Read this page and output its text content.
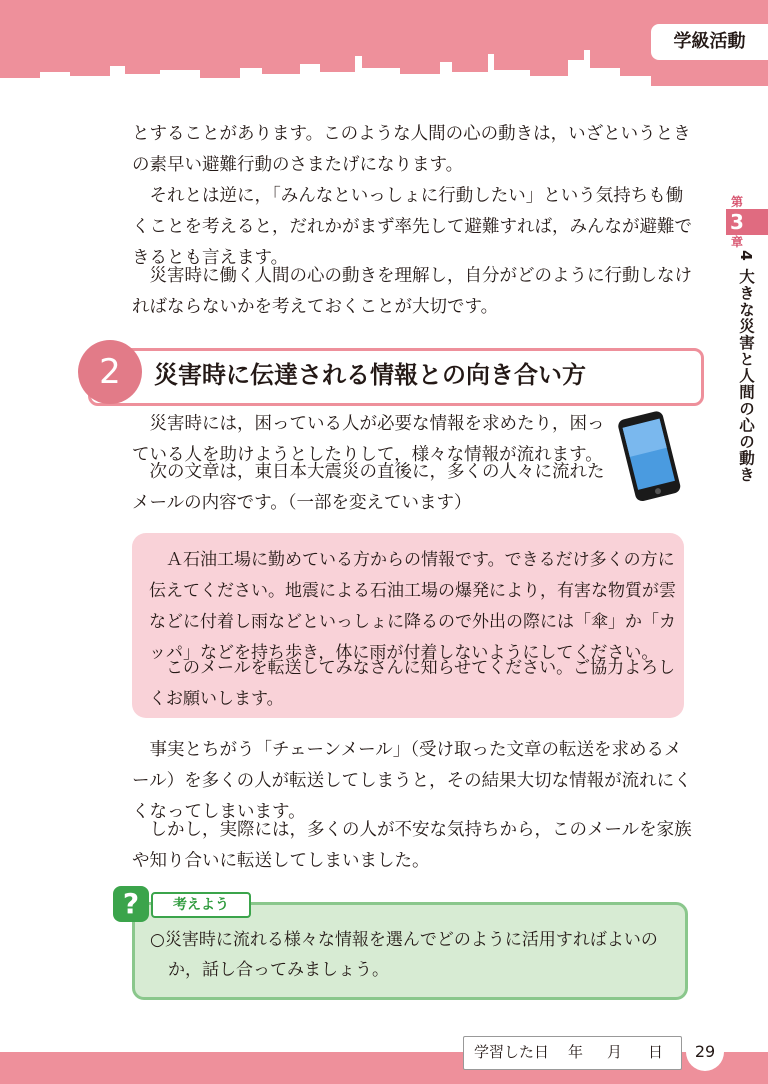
学級活動
第
3
章
4 大きな災害と人間の心の動き

とすることがあります。このような人間の心の動きは，いざというときの素早い避難行動のさまたげになります。

それとは逆に，「みんなといっしょに行動したい」という気持ちも働くことを考えると，だれかがまず率先して避難すれば，みんなが避難できるとも言えます。

災害時に働く人間の心の動きを理解し，自分がどのように行動しなければならないかを考えておくことが大切です。

2	災害時に伝達される情報との向き合い方

災害時には，困っている人が必要な情報を求めたり，困っている人を助けようとしたりして，様々な情報が流れます。

次の文章は，東日本大震災の直後に，多くの人々に流れたメールの内容です。（一部を変えています）

Ａ石油工場に勤めている方からの情報です。できるだけ多くの方に伝えてください。地震による石油工場の爆発により，有害な物質が雲などに付着し雨などといっしょに降るので外出の際には「傘」か「カッパ」などを持ち歩き，体に雨が付着しないようにしてください。

このメールを転送してみなさんに知らせてください。ご協力よろしくお願いします。

事実とちがう「チェーンメール」（受け取った文章の転送を求めるメール）を多くの人が転送してしまうと，その結果大切な情報が流れにくくなってしまいます。

しかし，実際には，多くの人が不安な気持ちから，このメールを家族や知り合いに転送してしまいました。

?	考えよう

○災害時に流れる様々な情報を選んでどのように活用すればよいの

か，話し合ってみましょう。

学習した日 年 月 日	29
